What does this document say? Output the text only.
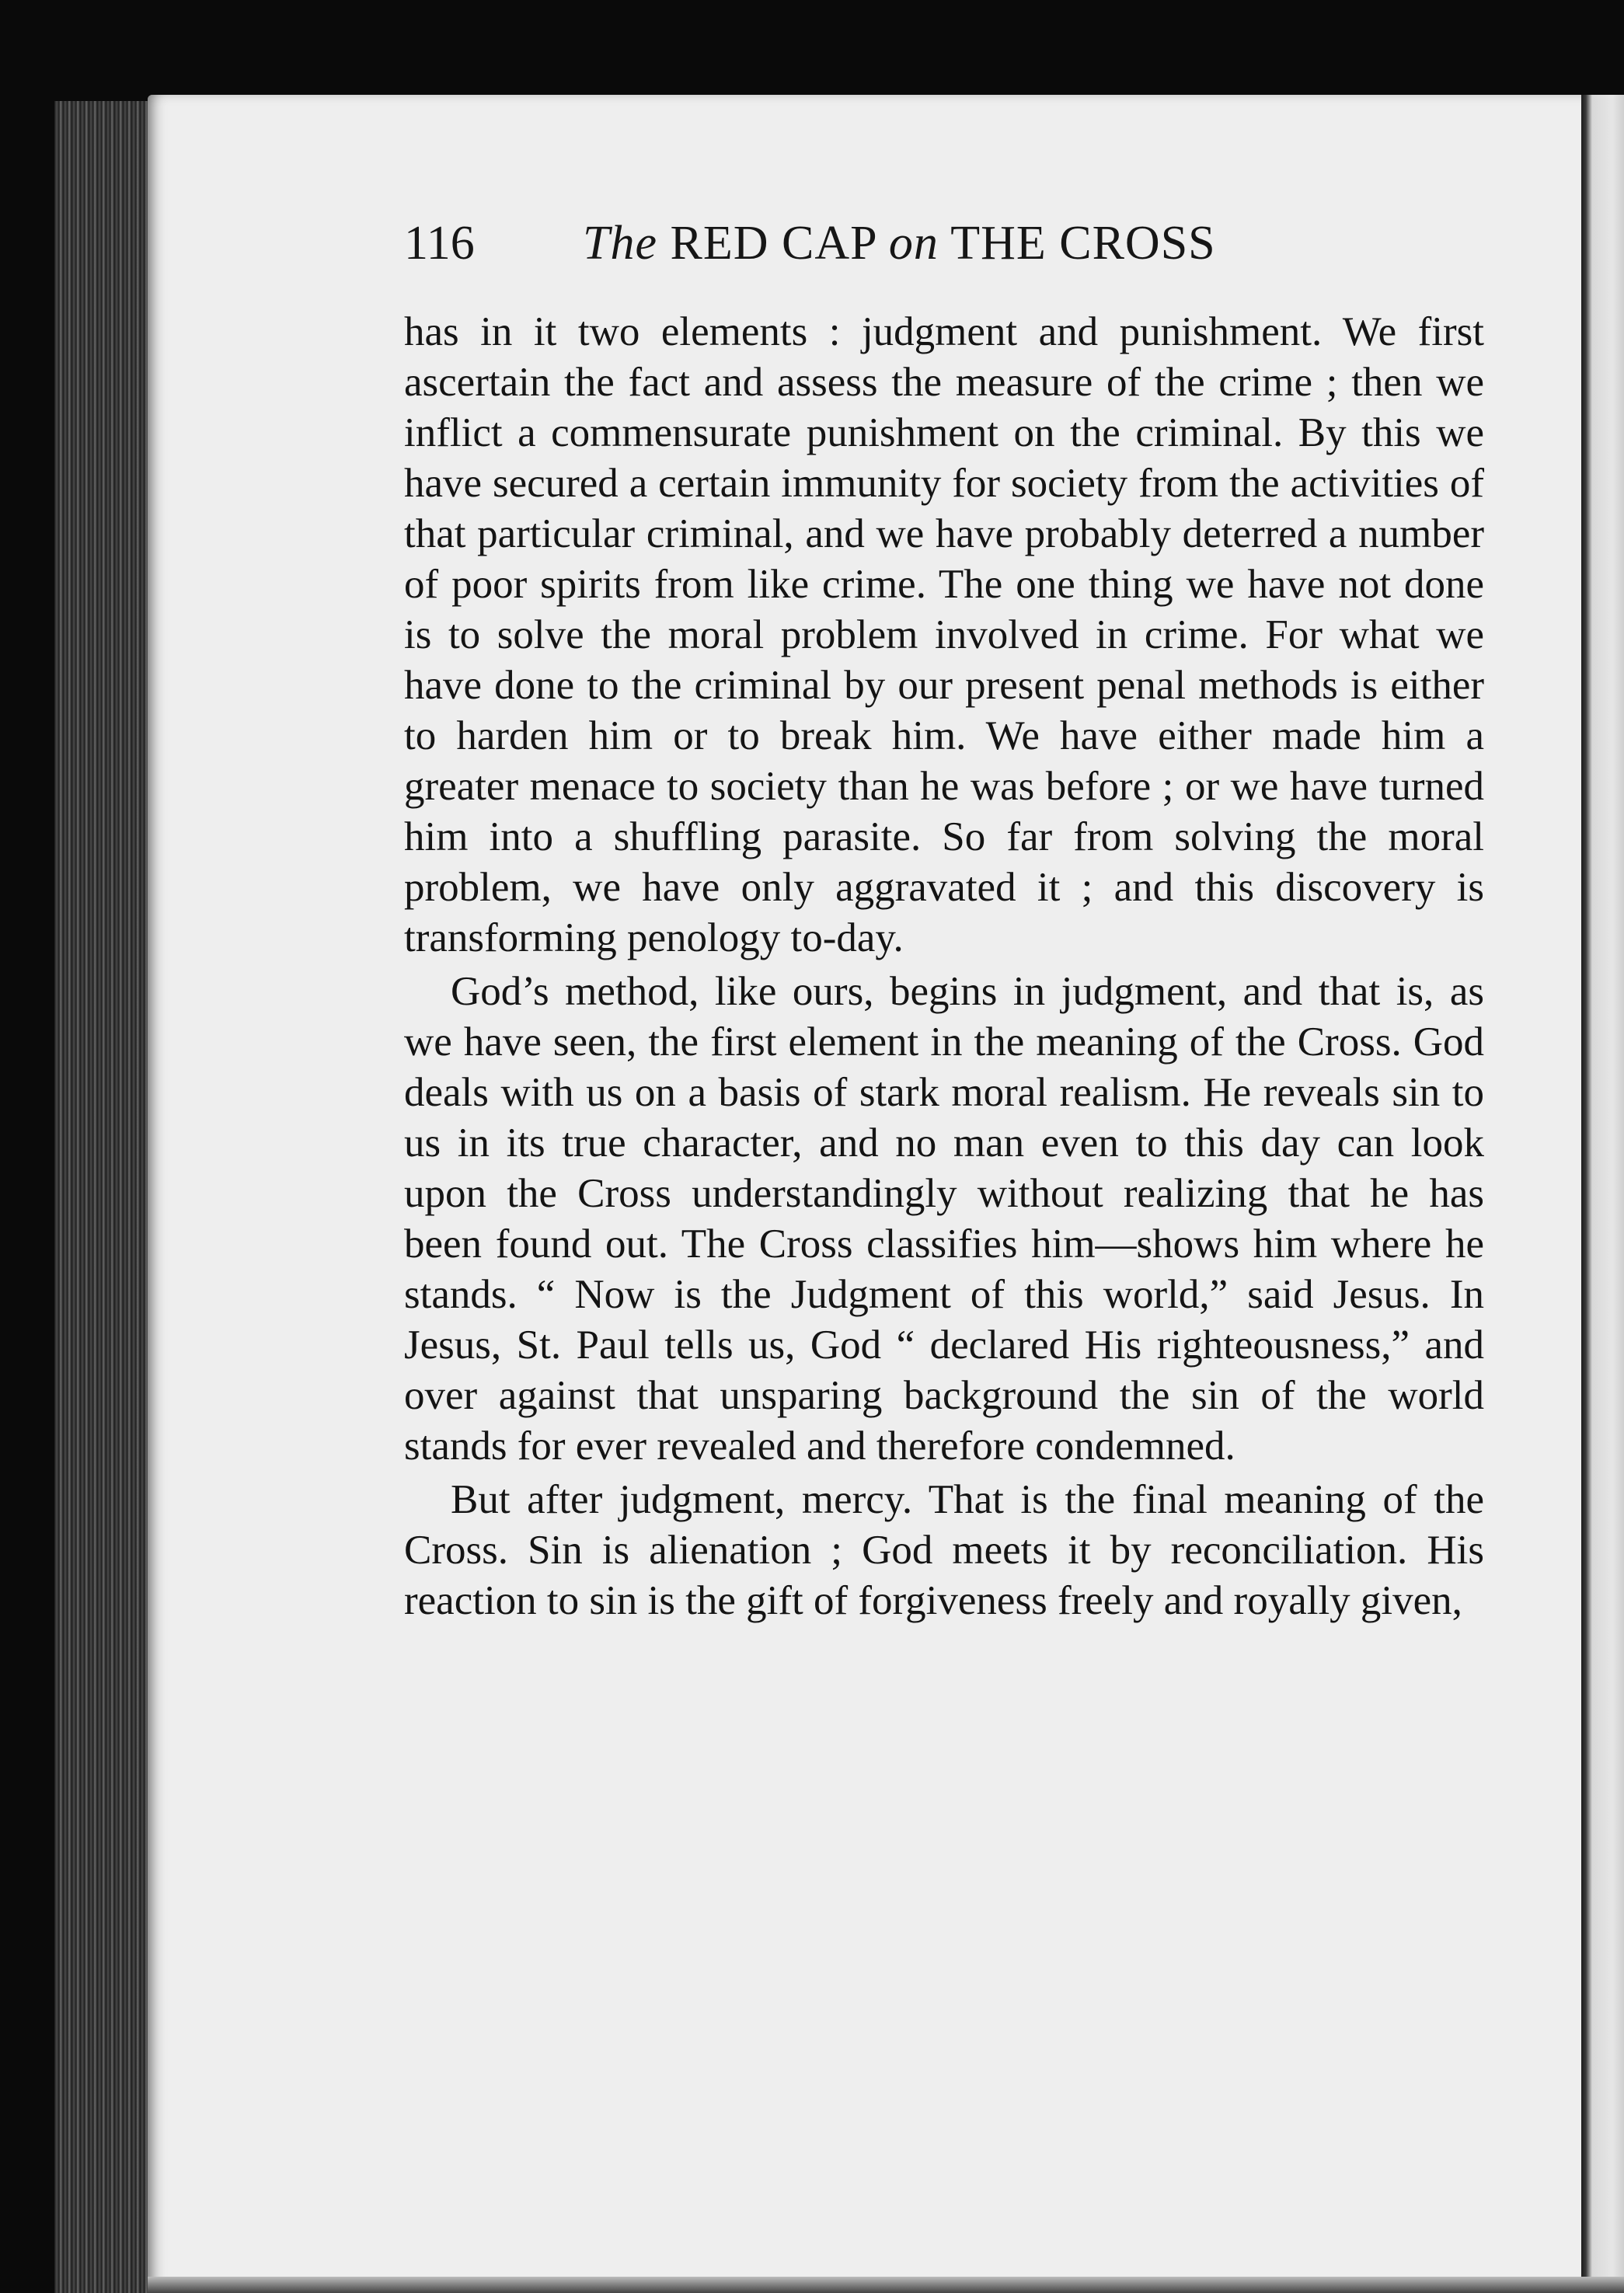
116 The RED CAP on THE CROSS

has in it two elements : judgment and punishment. We first ascertain the fact and assess the measure of the crime ; then we inflict a commensurate punishment on the criminal. By this we have secured a certain immunity for society from the activities of that particular criminal, and we have probably deterred a number of poor spirits from like crime. The one thing we have not done is to solve the moral problem involved in crime. For what we have done to the criminal by our present penal methods is either to harden him or to break him. We have either made him a greater menace to society than he was before ; or we have turned him into a shuffling parasite. So far from solving the moral problem, we have only aggravated it ; and this discovery is transforming penology to-day.

God’s method, like ours, begins in judgment, and that is, as we have seen, the first element in the meaning of the Cross. God deals with us on a basis of stark moral realism. He reveals sin to us in its true character, and no man even to this day can look upon the Cross understandingly without realizing that he has been found out. The Cross classifies him—shows him where he stands. “ Now is the Judgment of this world,” said Jesus. In Jesus, St. Paul tells us, God “ declared His righteousness,” and over against that unsparing background the sin of the world stands for ever revealed and therefore condemned.

But after judgment, mercy. That is the final meaning of the Cross. Sin is alienation ; God meets it by reconciliation. His reaction to sin is the gift of forgiveness freely and royally given,
